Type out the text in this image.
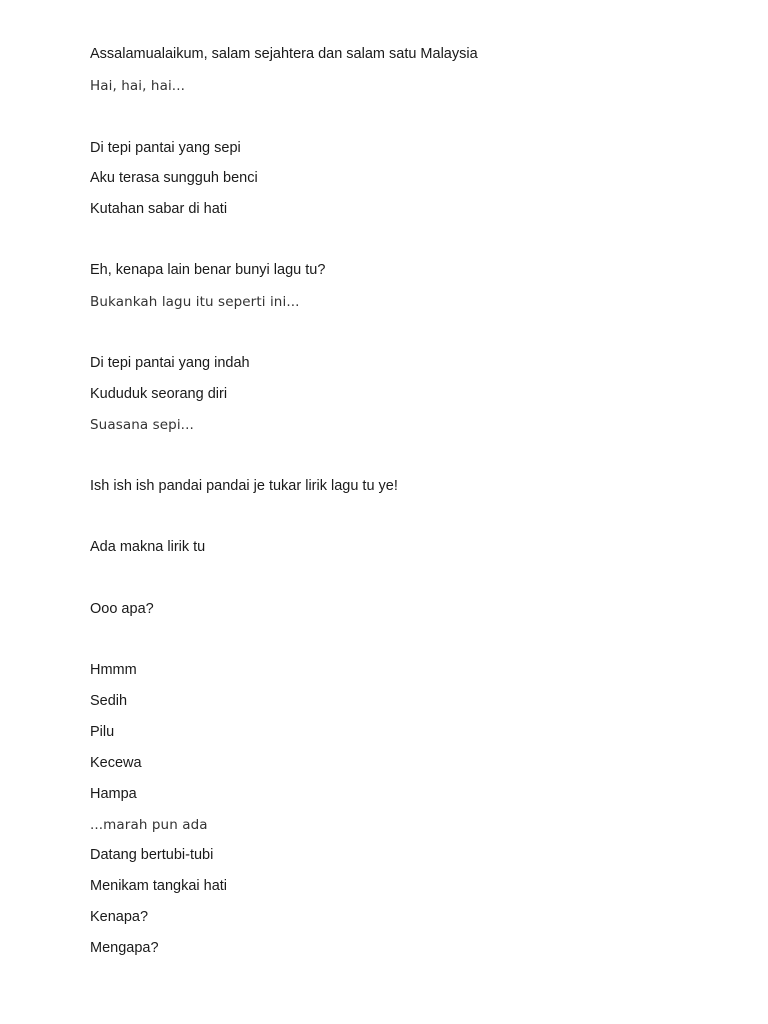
Assalamualaikum, salam sejahtera dan salam satu Malaysia

Hai, hai, hai...

Di tepi pantai yang sepi

Aku terasa sungguh benci

Kutahan sabar di hati

Eh, kenapa lain benar bunyi lagu tu?

Bukankah lagu itu seperti ini...

Di tepi pantai yang indah

Kududuk seorang diri

Suasana sepi...

Ish ish ish pandai pandai je tukar lirik lagu tu ye!

Ada makna lirik tu

Ooo apa?

Hmmm

Sedih

Pilu

Kecewa

Hampa

...marah pun ada

Datang bertubi-tubi

Menikam tangkai hati

Kenapa?

Mengapa?
